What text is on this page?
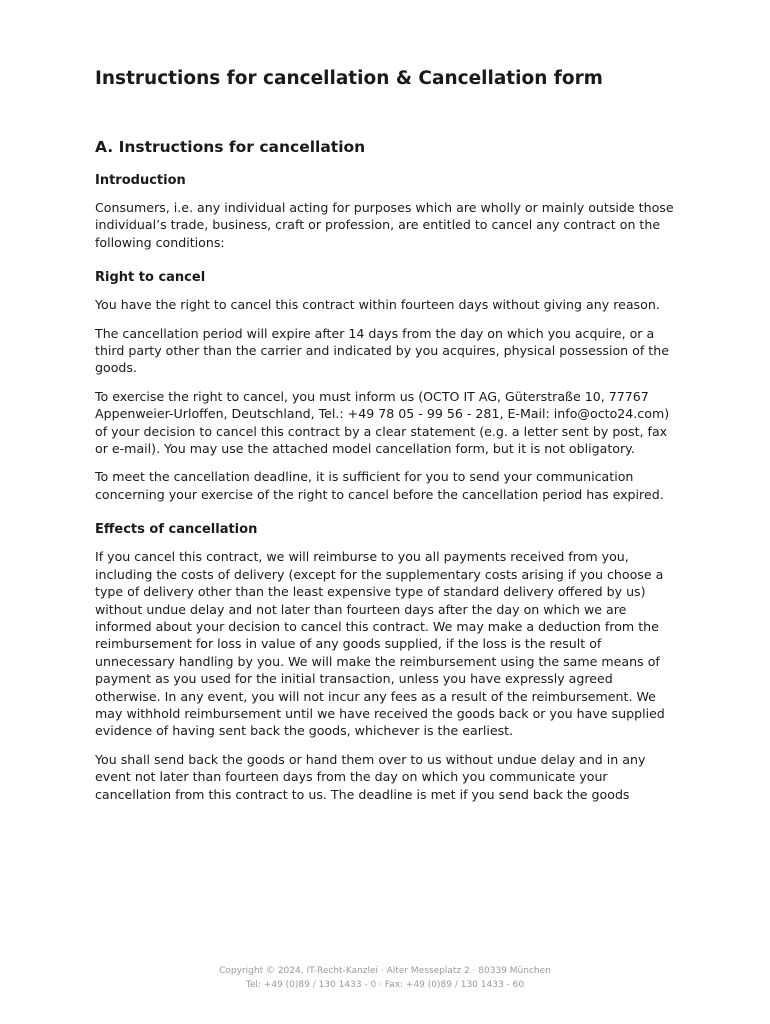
Instructions for cancellation & Cancellation form
A. Instructions for cancellation
Introduction

Consumers, i.e. any individual acting for purposes which are wholly or mainly outside those individual’s trade, business, craft or profession, are entitled to cancel any contract on the following conditions:

Right to cancel

You have the right to cancel this contract within fourteen days without giving any reason.

The cancellation period will expire after 14 days from the day on which you acquire, or a third party other than the carrier and indicated by you acquires, physical possession of the goods.

To exercise the right to cancel, you must inform us (OCTO IT AG, Güterstraße 10, 77767 Appenweier-Urloffen, Deutschland, Tel.: +49 78 05 - 99 56 - 281, E-Mail: info@octo24.com) of your decision to cancel this contract by a clear statement (e.g. a letter sent by post, fax or e-mail). You may use the attached model cancellation form, but it is not obligatory.

To meet the cancellation deadline, it is sufficient for you to send your communication concerning your exercise of the right to cancel before the cancellation period has expired.

Effects of cancellation

If you cancel this contract, we will reimburse to you all payments received from you, including the costs of delivery (except for the supplementary costs arising if you choose a type of delivery other than the least expensive type of standard delivery offered by us) without undue delay and not later than fourteen days after the day on which we are informed about your decision to cancel this contract. We may make a deduction from the reimbursement for loss in value of any goods supplied, if the loss is the result of unnecessary handling by you. We will make the reimbursement using the same means of payment as you used for the initial transaction, unless you have expressly agreed otherwise. In any event, you will not incur any fees as a result of the reimbursement. We may withhold reimbursement until we have received the goods back or you have supplied evidence of having sent back the goods, whichever is the earliest.

You shall send back the goods or hand them over to us without undue delay and in any event not later than fourteen days from the day on which you communicate your cancellation from this contract to us. The deadline is met if you send back the goods

Copyright © 2024, IT-Recht-Kanzlei · Alter Messeplatz 2 · 80339 München
Tel: +49 (0)89 / 130 1433 - 0 · Fax: +49 (0)89 / 130 1433 - 60
